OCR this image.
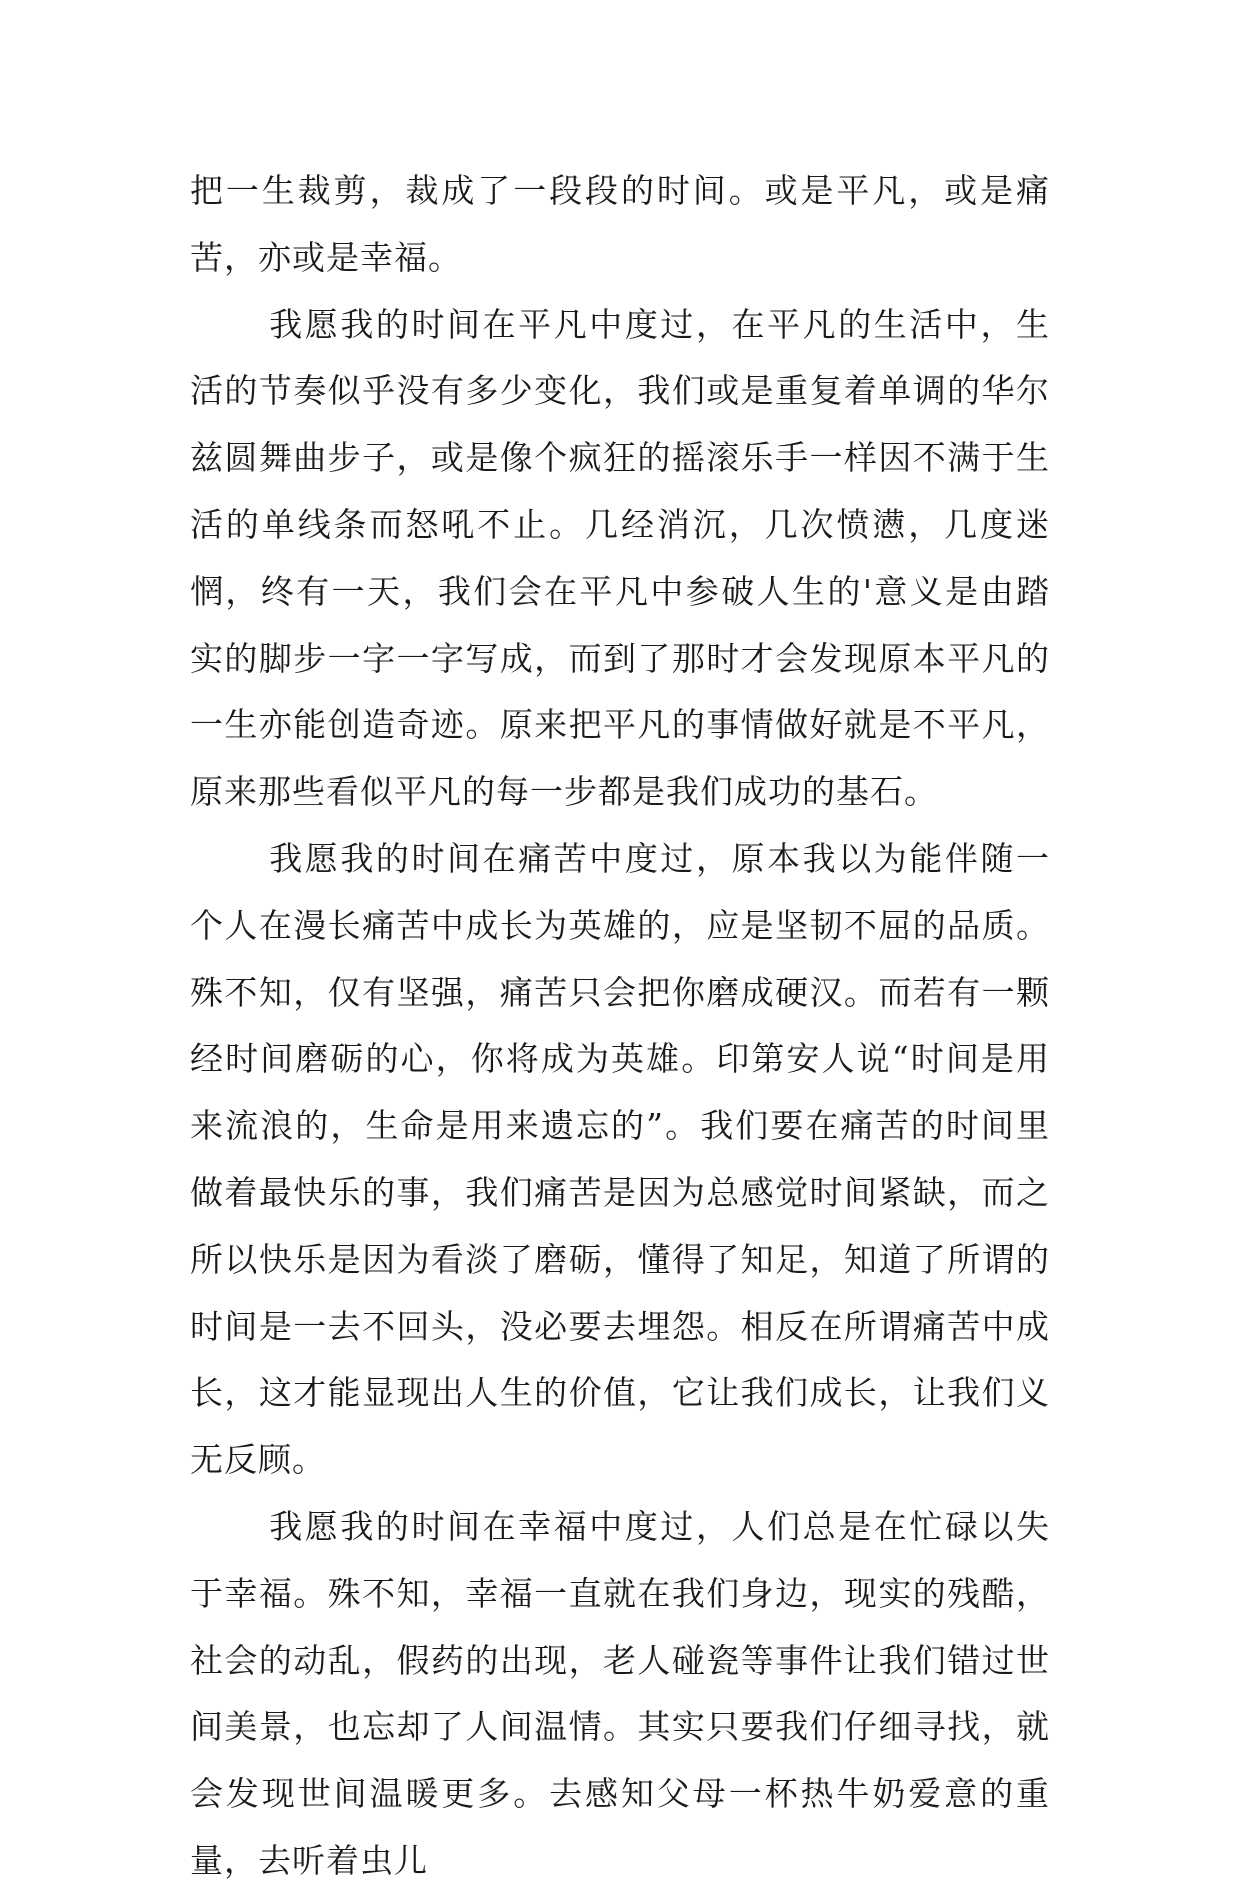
把一生裁剪，裁成了一段段的时间。或是平凡，或是痛苦，亦或是幸福。

我愿我的时间在平凡中度过，在平凡的生活中，生活的节奏似乎没有多少变化，我们或是重复着单调的华尔兹圆舞曲步子，或是像个疯狂的摇滚乐手一样因不满于生活的单线条而怒吼不止。几经消沉，几次愤懑，几度迷惘，终有一天，我们会在平凡中参破人生的'意义是由踏实的脚步一字一字写成，而到了那时才会发现原本平凡的一生亦能创造奇迹。原来把平凡的事情做好就是不平凡，原来那些看似平凡的每一步都是我们成功的基石。

我愿我的时间在痛苦中度过，原本我以为能伴随一个人在漫长痛苦中成长为英雄的，应是坚韧不屈的品质。殊不知，仅有坚强，痛苦只会把你磨成硬汉。而若有一颗经时间磨砺的心，你将成为英雄。印第安人说“时间是用来流浪的，生命是用来遗忘的”。我们要在痛苦的时间里做着最快乐的事，我们痛苦是因为总感觉时间紧缺，而之所以快乐是因为看淡了磨砺，懂得了知足，知道了所谓的时间是一去不回头，没必要去埋怨。相反在所谓痛苦中成长，这才能显现出人生的价值，它让我们成长，让我们义无反顾。

我愿我的时间在幸福中度过，人们总是在忙碌以失于幸福。殊不知，幸福一直就在我们身边，现实的残酷，社会的动乱，假药的出现，老人碰瓷等事件让我们错过世间美景，也忘却了人间温情。其实只要我们仔细寻找，就会发现世间温暖更多。去感知父母一杯热牛奶爱意的重量，去听着虫儿
